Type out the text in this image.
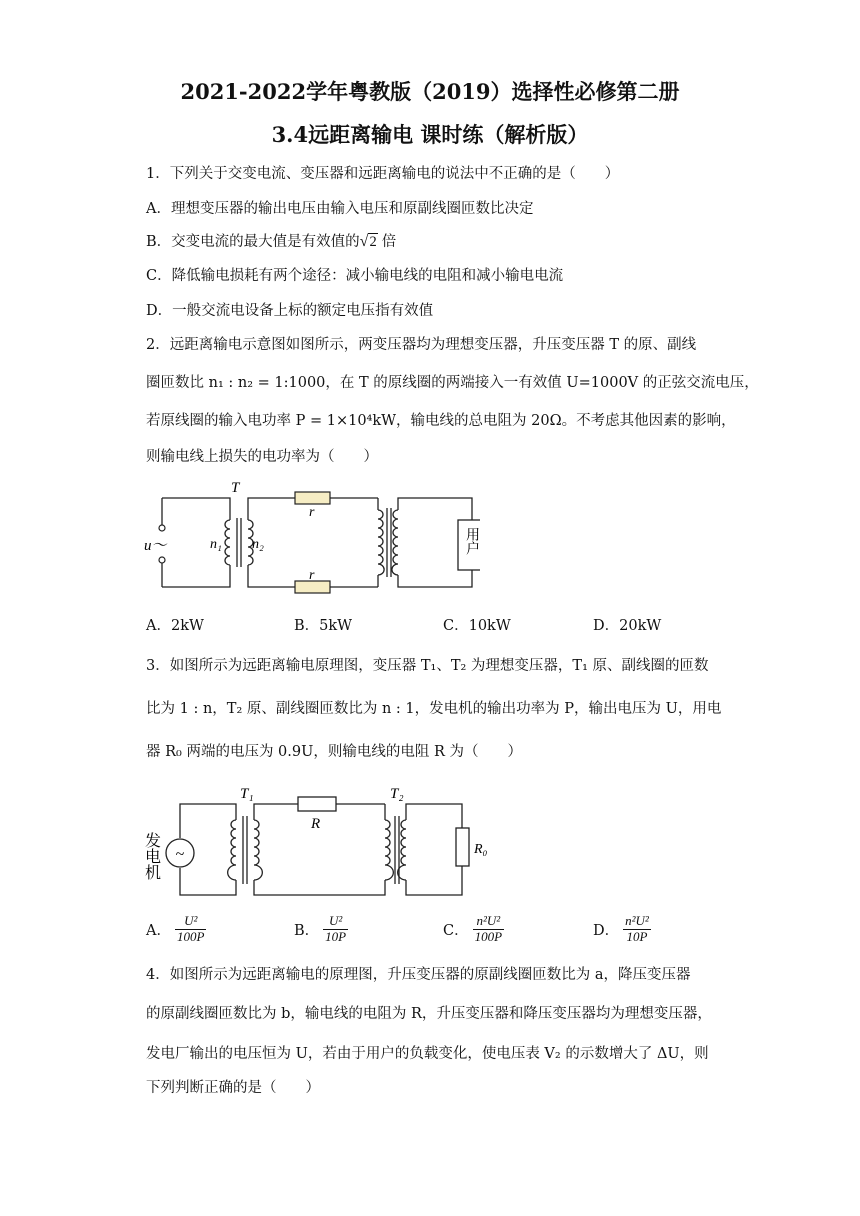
2021-2022学年粤教版（2019）选择性必修第二册
3.4远距离输电 课时练（解析版）
1．下列关于交变电流、变压器和远距离输电的说法中不正确的是（　　）
A．理想变压器的输出电压由输入电压和原副线圈匝数比决定
B．交变电流的最大值是有效值的√2 倍
C．降低输电损耗有两个途径：减小输电线的电阻和减小输电电流
D．一般交流电设备上标的额定电压指有效值
2．远距离输电示意图如图所示，两变压器均为理想变压器，升压变压器 T 的原、副线
圈匝数比 n₁ : n₂ = 1:1000，在 T 的原线圈的两端接入一有效值 U=1000V 的正弦交流电压，
若原线圈的输入电功率 P = 1×10⁴kW，输电线的总电阻为 20Ω。不考虑其他因素的影响，
则输电线上损失的电功率为（　　）
T
u～	n₁ n₂
r
r
用户
A．2kW	B．5kW	C．10kW	D．20kW
3．如图所示为远距离输电原理图，变压器 T₁、T₂ 为理想变压器，T₁ 原、副线圈的匝数
比为 1 : n，T₂ 原、副线圈匝数比为 n : 1，发电机的输出功率为 P，输出电压为 U，用电
器 R₀ 两端的电压为 0.9U，则输电线的电阻 R 为（　　）
~
发电机
T₁	T₂
R
R₀
A． $\frac{\text{U²}}{100P}$	B． $\frac{\text{U²}}{10P}$	C． $\frac{\text{n²U²}}{100P}$	D． $\frac{\text{n²U²}}{10P}$
4．如图所示为远距离输电的原理图，升压变压器的原副线圈匝数比为 a，降压变压器
的原副线圈匝数比为 b，输电线的电阻为 R，升压变压器和降压变压器均为理想变压器，
发电厂输出的电压恒为 U，若由于用户的负载变化，使电压表 V₂ 的示数增大了 ΔU，则
下列判断正确的是（　　）
